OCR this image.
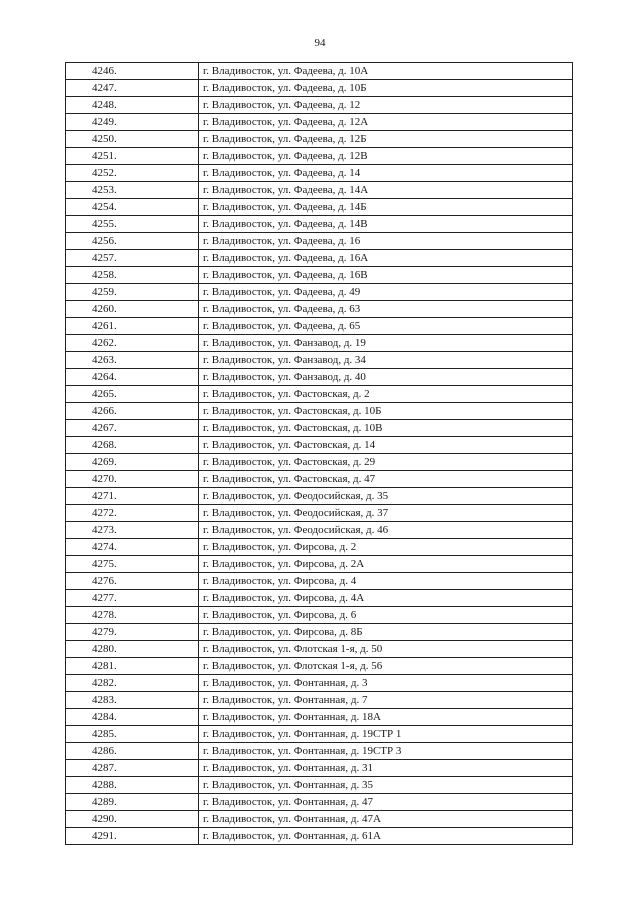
94
4246.	г. Владивосток, ул. Фадеева, д. 10А
4247.	г. Владивосток, ул. Фадеева, д. 10Б
4248.	г. Владивосток, ул. Фадеева, д. 12
4249.	г. Владивосток, ул. Фадеева, д. 12А
4250.	г. Владивосток, ул. Фадеева, д. 12Б
4251.	г. Владивосток, ул. Фадеева, д. 12В
4252.	г. Владивосток, ул. Фадеева, д. 14
4253.	г. Владивосток, ул. Фадеева, д. 14А
4254.	г. Владивосток, ул. Фадеева, д. 14Б
4255.	г. Владивосток, ул. Фадеева, д. 14В
4256.	г. Владивосток, ул. Фадеева, д. 16
4257.	г. Владивосток, ул. Фадеева, д. 16А
4258.	г. Владивосток, ул. Фадеева, д. 16В
4259.	г. Владивосток, ул. Фадеева, д. 49
4260.	г. Владивосток, ул. Фадеева, д. 63
4261.	г. Владивосток, ул. Фадеева, д. 65
4262.	г. Владивосток, ул. Фанзавод, д. 19
4263.	г. Владивосток, ул. Фанзавод, д. 34
4264.	г. Владивосток, ул. Фанзавод, д. 40
4265.	г. Владивосток, ул. Фастовская, д. 2
4266.	г. Владивосток, ул. Фастовская, д. 10Б
4267.	г. Владивосток, ул. Фастовская, д. 10В
4268.	г. Владивосток, ул. Фастовская, д. 14
4269.	г. Владивосток, ул. Фастовская, д. 29
4270.	г. Владивосток, ул. Фастовская, д. 47
4271.	г. Владивосток, ул. Феодосийская, д. 35
4272.	г. Владивосток, ул. Феодосийская, д. 37
4273.	г. Владивосток, ул. Феодосийская, д. 46
4274.	г. Владивосток, ул. Фирсова, д. 2
4275.	г. Владивосток, ул. Фирсова, д. 2А
4276.	г. Владивосток, ул. Фирсова, д. 4
4277.	г. Владивосток, ул. Фирсова, д. 4А
4278.	г. Владивосток, ул. Фирсова, д. 6
4279.	г. Владивосток, ул. Фирсова, д. 8Б
4280.	г. Владивосток, ул. Флотская 1-я, д. 50
4281.	г. Владивосток, ул. Флотская 1-я, д. 56
4282.	г. Владивосток, ул. Фонтанная, д. 3
4283.	г. Владивосток, ул. Фонтанная, д. 7
4284.	г. Владивосток, ул. Фонтанная, д. 18А
4285.	г. Владивосток, ул. Фонтанная, д. 19СТР 1
4286.	г. Владивосток, ул. Фонтанная, д. 19СТР 3
4287.	г. Владивосток, ул. Фонтанная, д. 31
4288.	г. Владивосток, ул. Фонтанная, д. 35
4289.	г. Владивосток, ул. Фонтанная, д. 47
4290.	г. Владивосток, ул. Фонтанная, д. 47А
4291.	г. Владивосток, ул. Фонтанная, д. 61А
